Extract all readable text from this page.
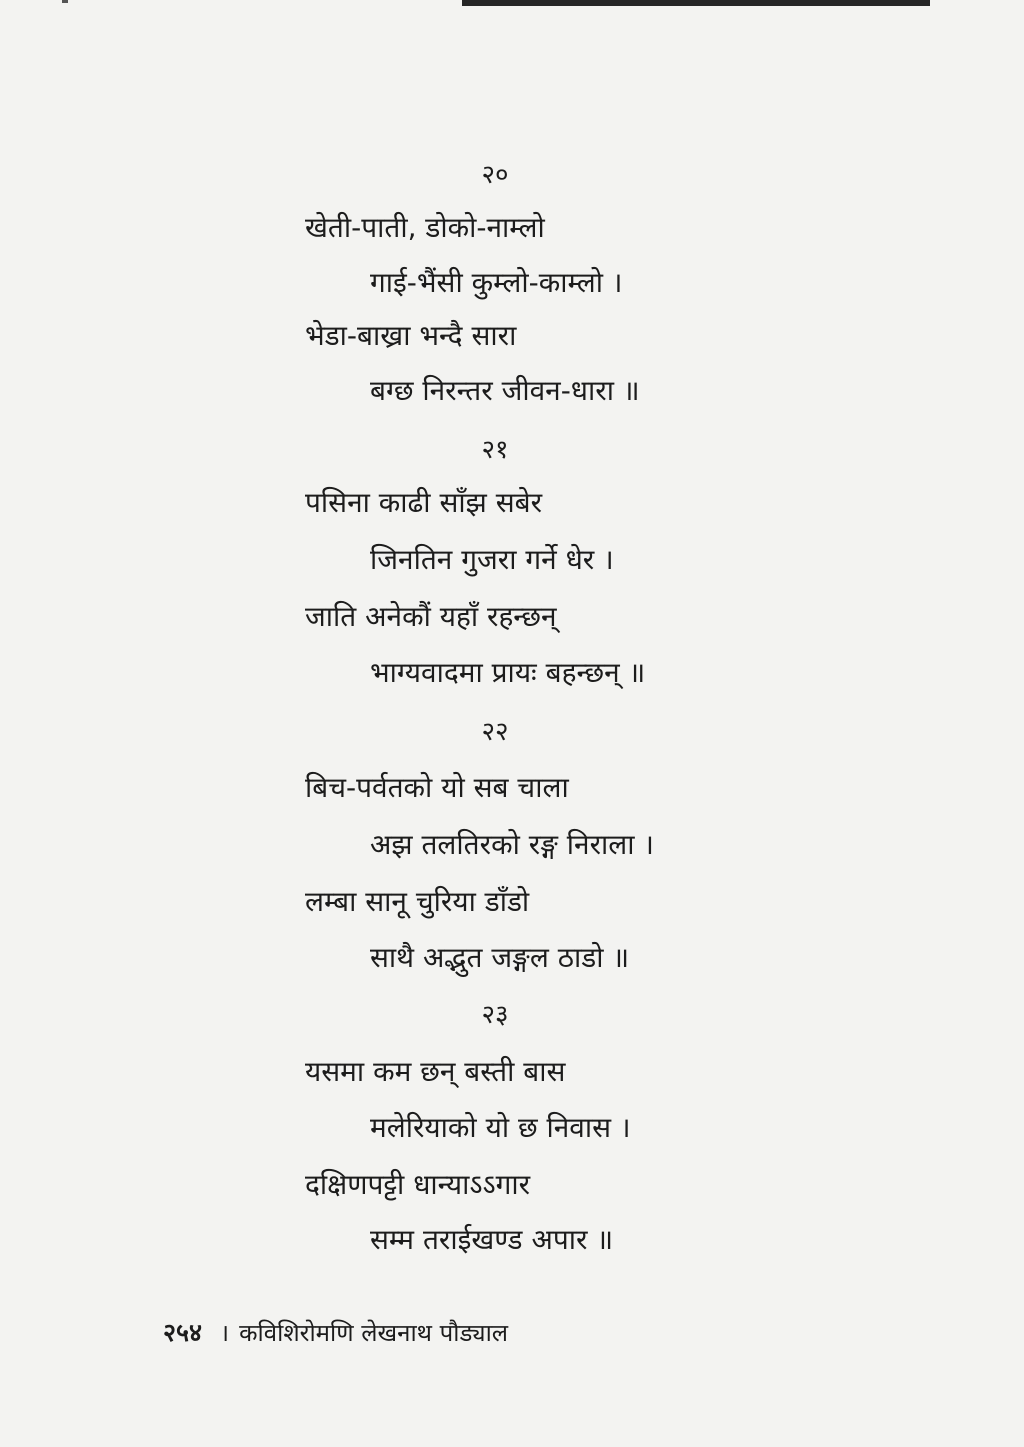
२०
खेती-पाती, डोको-नाम्लो
गाई-भैंसी कुम्लो-काम्लो ।
भेडा-बाख्रा भन्दै सारा
बग्छ निरन्तर जीवन-धारा ॥
२१
पसिना काढी साँझ सबेर
जिनतिन गुजरा गर्ने धेर ।
जाति अनेकौं यहाँ रहन्छन्
भाग्यवादमा प्रायः बहन्छन् ॥
२२
बिच-पर्वतको यो सब चाला
अझ तलतिरको रङ्ग निराला ।
लम्बा सानू चुरिया डाँडो
साथै अद्भुत जङ्गल ठाडो ॥
२३
यसमा कम छन् बस्ती बास
मलेरियाको यो छ निवास ।
दक्षिणपट्टी धान्याऽऽगार
सम्म तराईखण्ड अपार ॥
२५४ । कविशिरोमणि लेखनाथ पौड्याल
